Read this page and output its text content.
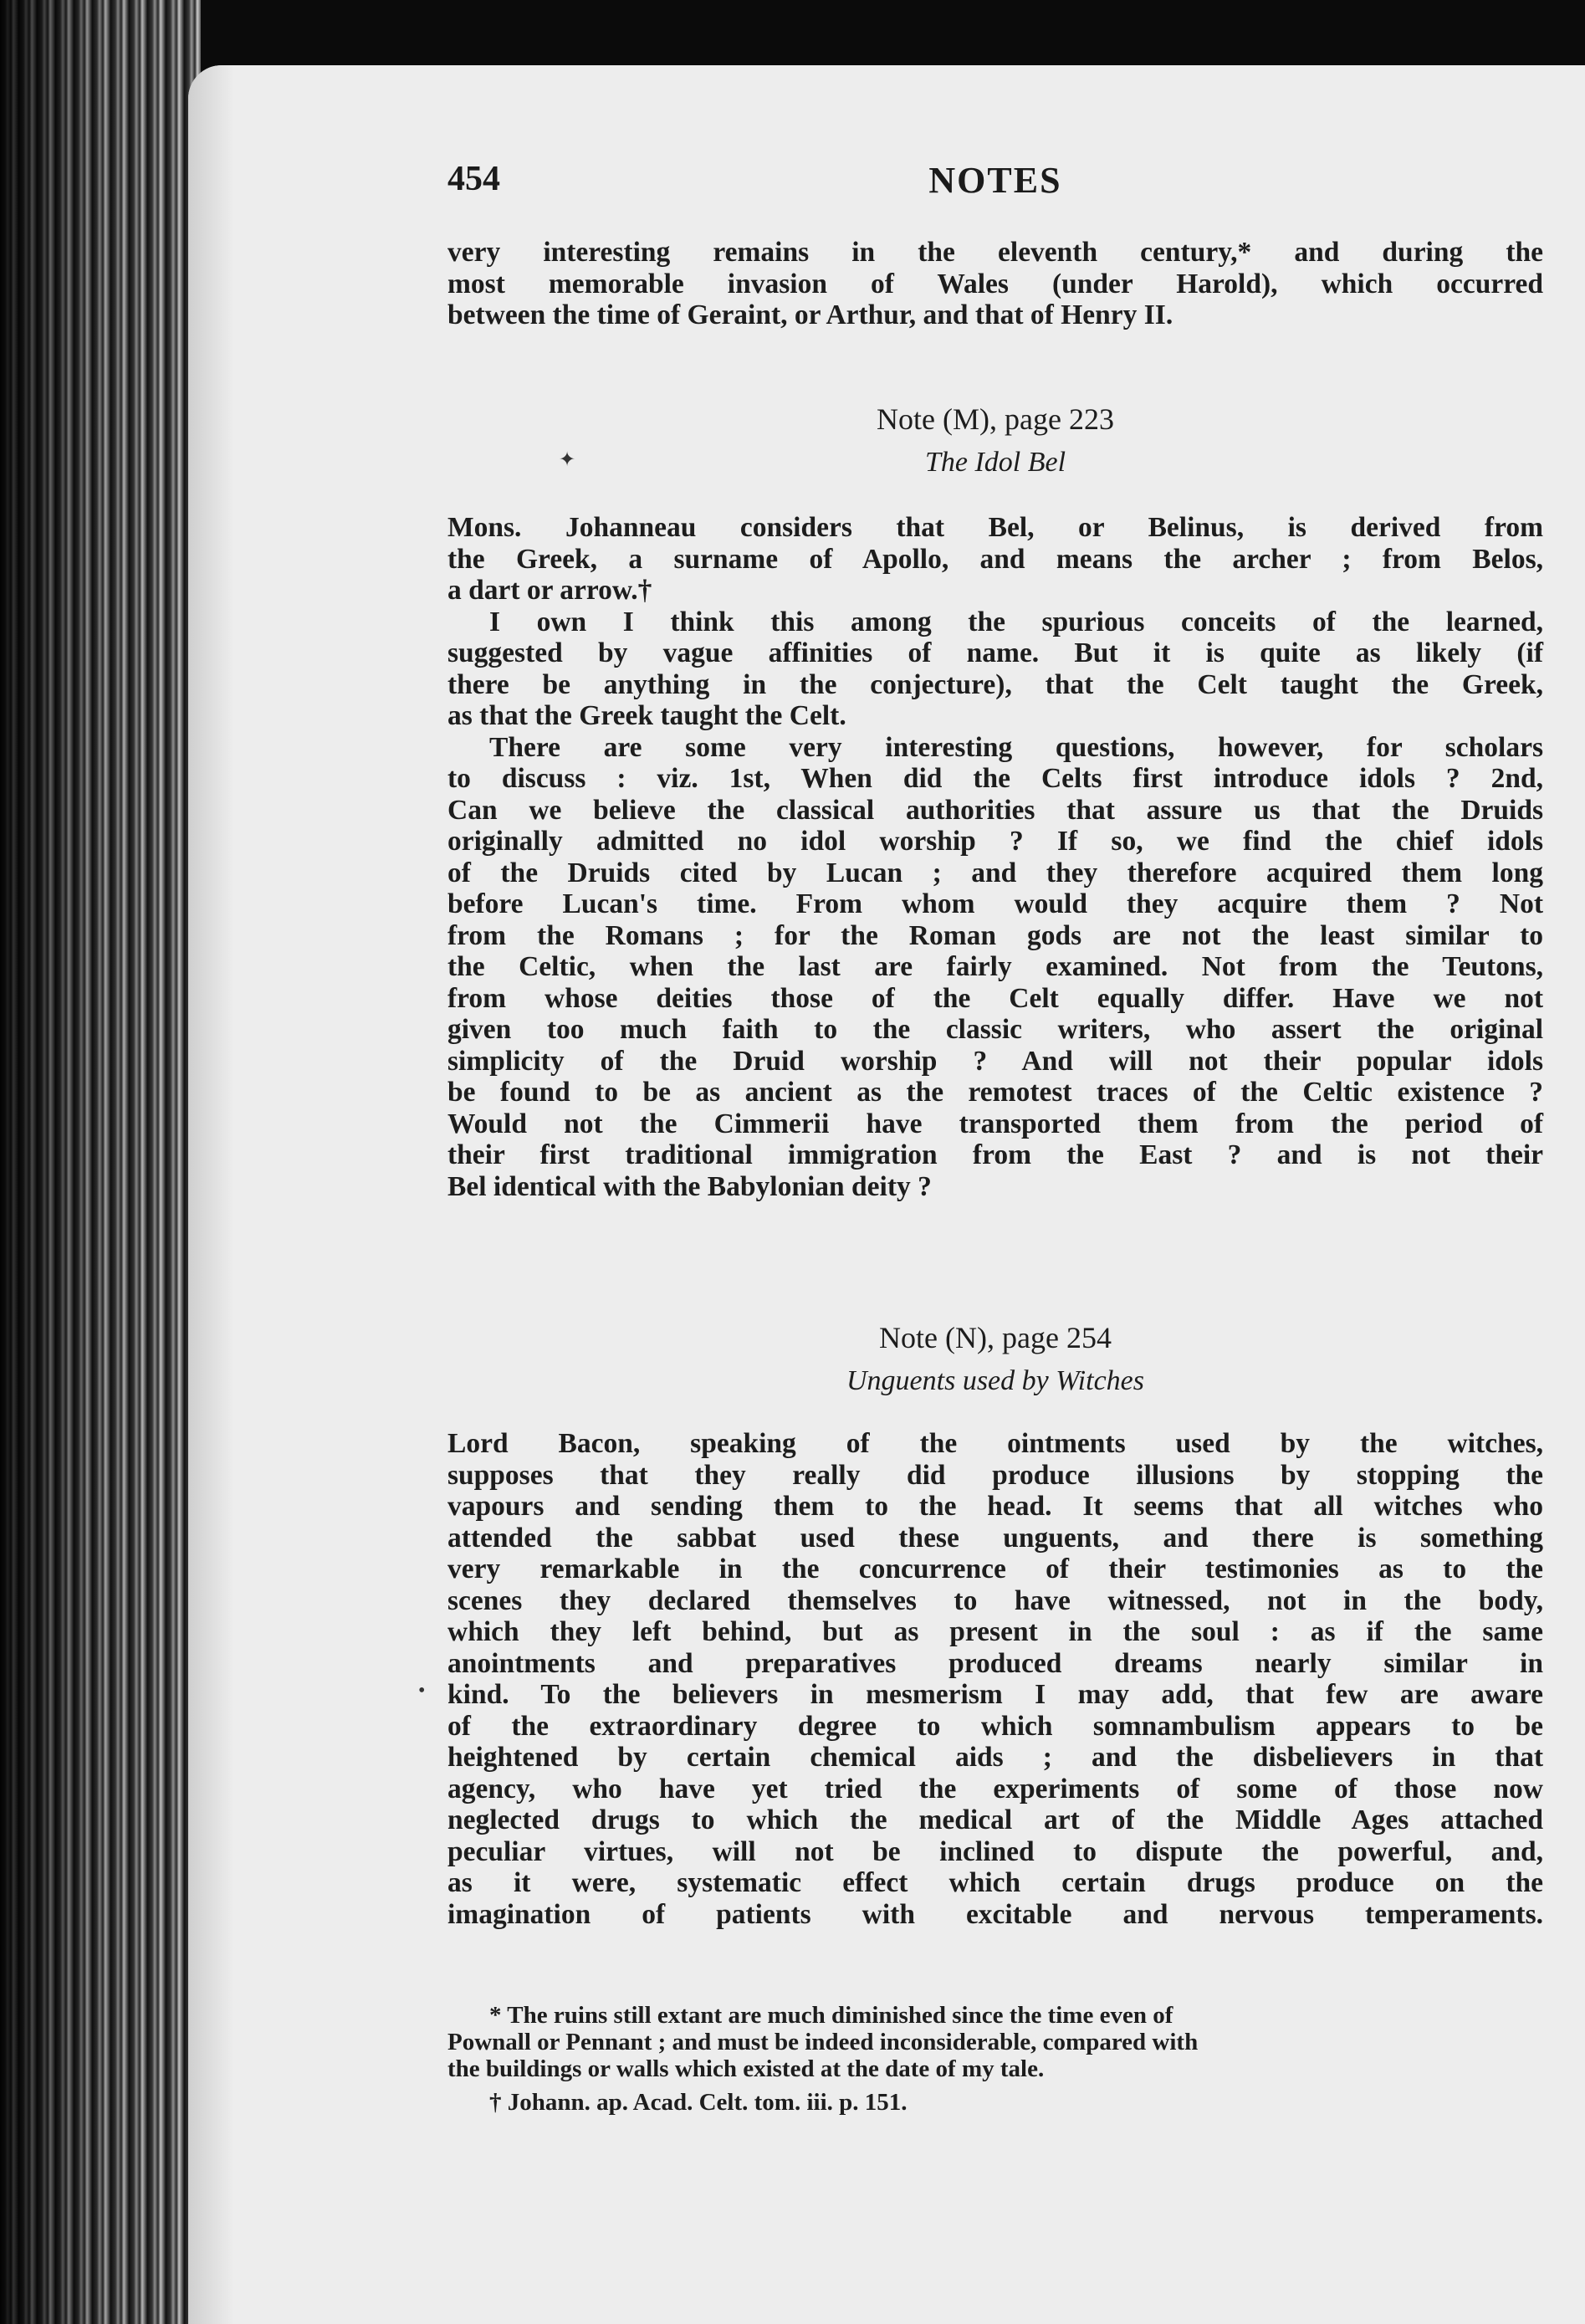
454	NOTES
very interesting remains in the eleventh century,* and during the
most memorable invasion of Wales (under Harold), which occurred
between the time of Geraint, or Arthur, and that of Henry II.
Note (M), page 223
The Idol Bel
Mons. Johanneau considers that Bel, or Belinus, is derived from
the Greek, a surname of Apollo, and means the archer ; from Belos,
a dart or arrow.†
I own I think this among the spurious conceits of the learned,
suggested by vague affinities of name. But it is quite as likely (if
there be anything in the conjecture), that the Celt taught the Greek,
as that the Greek taught the Celt.
There are some very interesting questions, however, for scholars
to discuss : viz. 1st, When did the Celts first introduce idols ? 2nd,
Can we believe the classical authorities that assure us that the Druids
originally admitted no idol worship ? If so, we find the chief idols
of the Druids cited by Lucan ; and they therefore acquired them long
before Lucan's time. From whom would they acquire them ? Not
from the Romans ; for the Roman gods are not the least similar to
the Celtic, when the last are fairly examined. Not from the Teutons,
from whose deities those of the Celt equally differ. Have we not
given too much faith to the classic writers, who assert the original
simplicity of the Druid worship ? And will not their popular idols
be found to be as ancient as the remotest traces of the Celtic existence ?
Would not the Cimmerii have transported them from the period of
their first traditional immigration from the East ? and is not their
Bel identical with the Babylonian deity ?
Note (N), page 254
Unguents used by Witches
Lord Bacon, speaking of the ointments used by the witches,
supposes that they really did produce illusions by stopping the
vapours and sending them to the head. It seems that all witches who
attended the sabbat used these unguents, and there is something
very remarkable in the concurrence of their testimonies as to the
scenes they declared themselves to have witnessed, not in the body,
which they left behind, but as present in the soul : as if the same
anointments and preparatives produced dreams nearly similar in
kind. To the believers in mesmerism I may add, that few are aware
of the extraordinary degree to which somnambulism appears to be
heightened by certain chemical aids ; and the disbelievers in that
agency, who have yet tried the experiments of some of those now
neglected drugs to which the medical art of the Middle Ages attached
peculiar virtues, will not be inclined to dispute the powerful, and,
as it were, systematic effect which certain drugs produce on the
imagination of patients with excitable and nervous temperaments.
* The ruins still extant are much diminished since the time even of
Pownall or Pennant ; and must be indeed inconsiderable, compared with
the buildings or walls which existed at the date of my tale.
† Johann. ap. Acad. Celt. tom. iii. p. 151.
✦
•
